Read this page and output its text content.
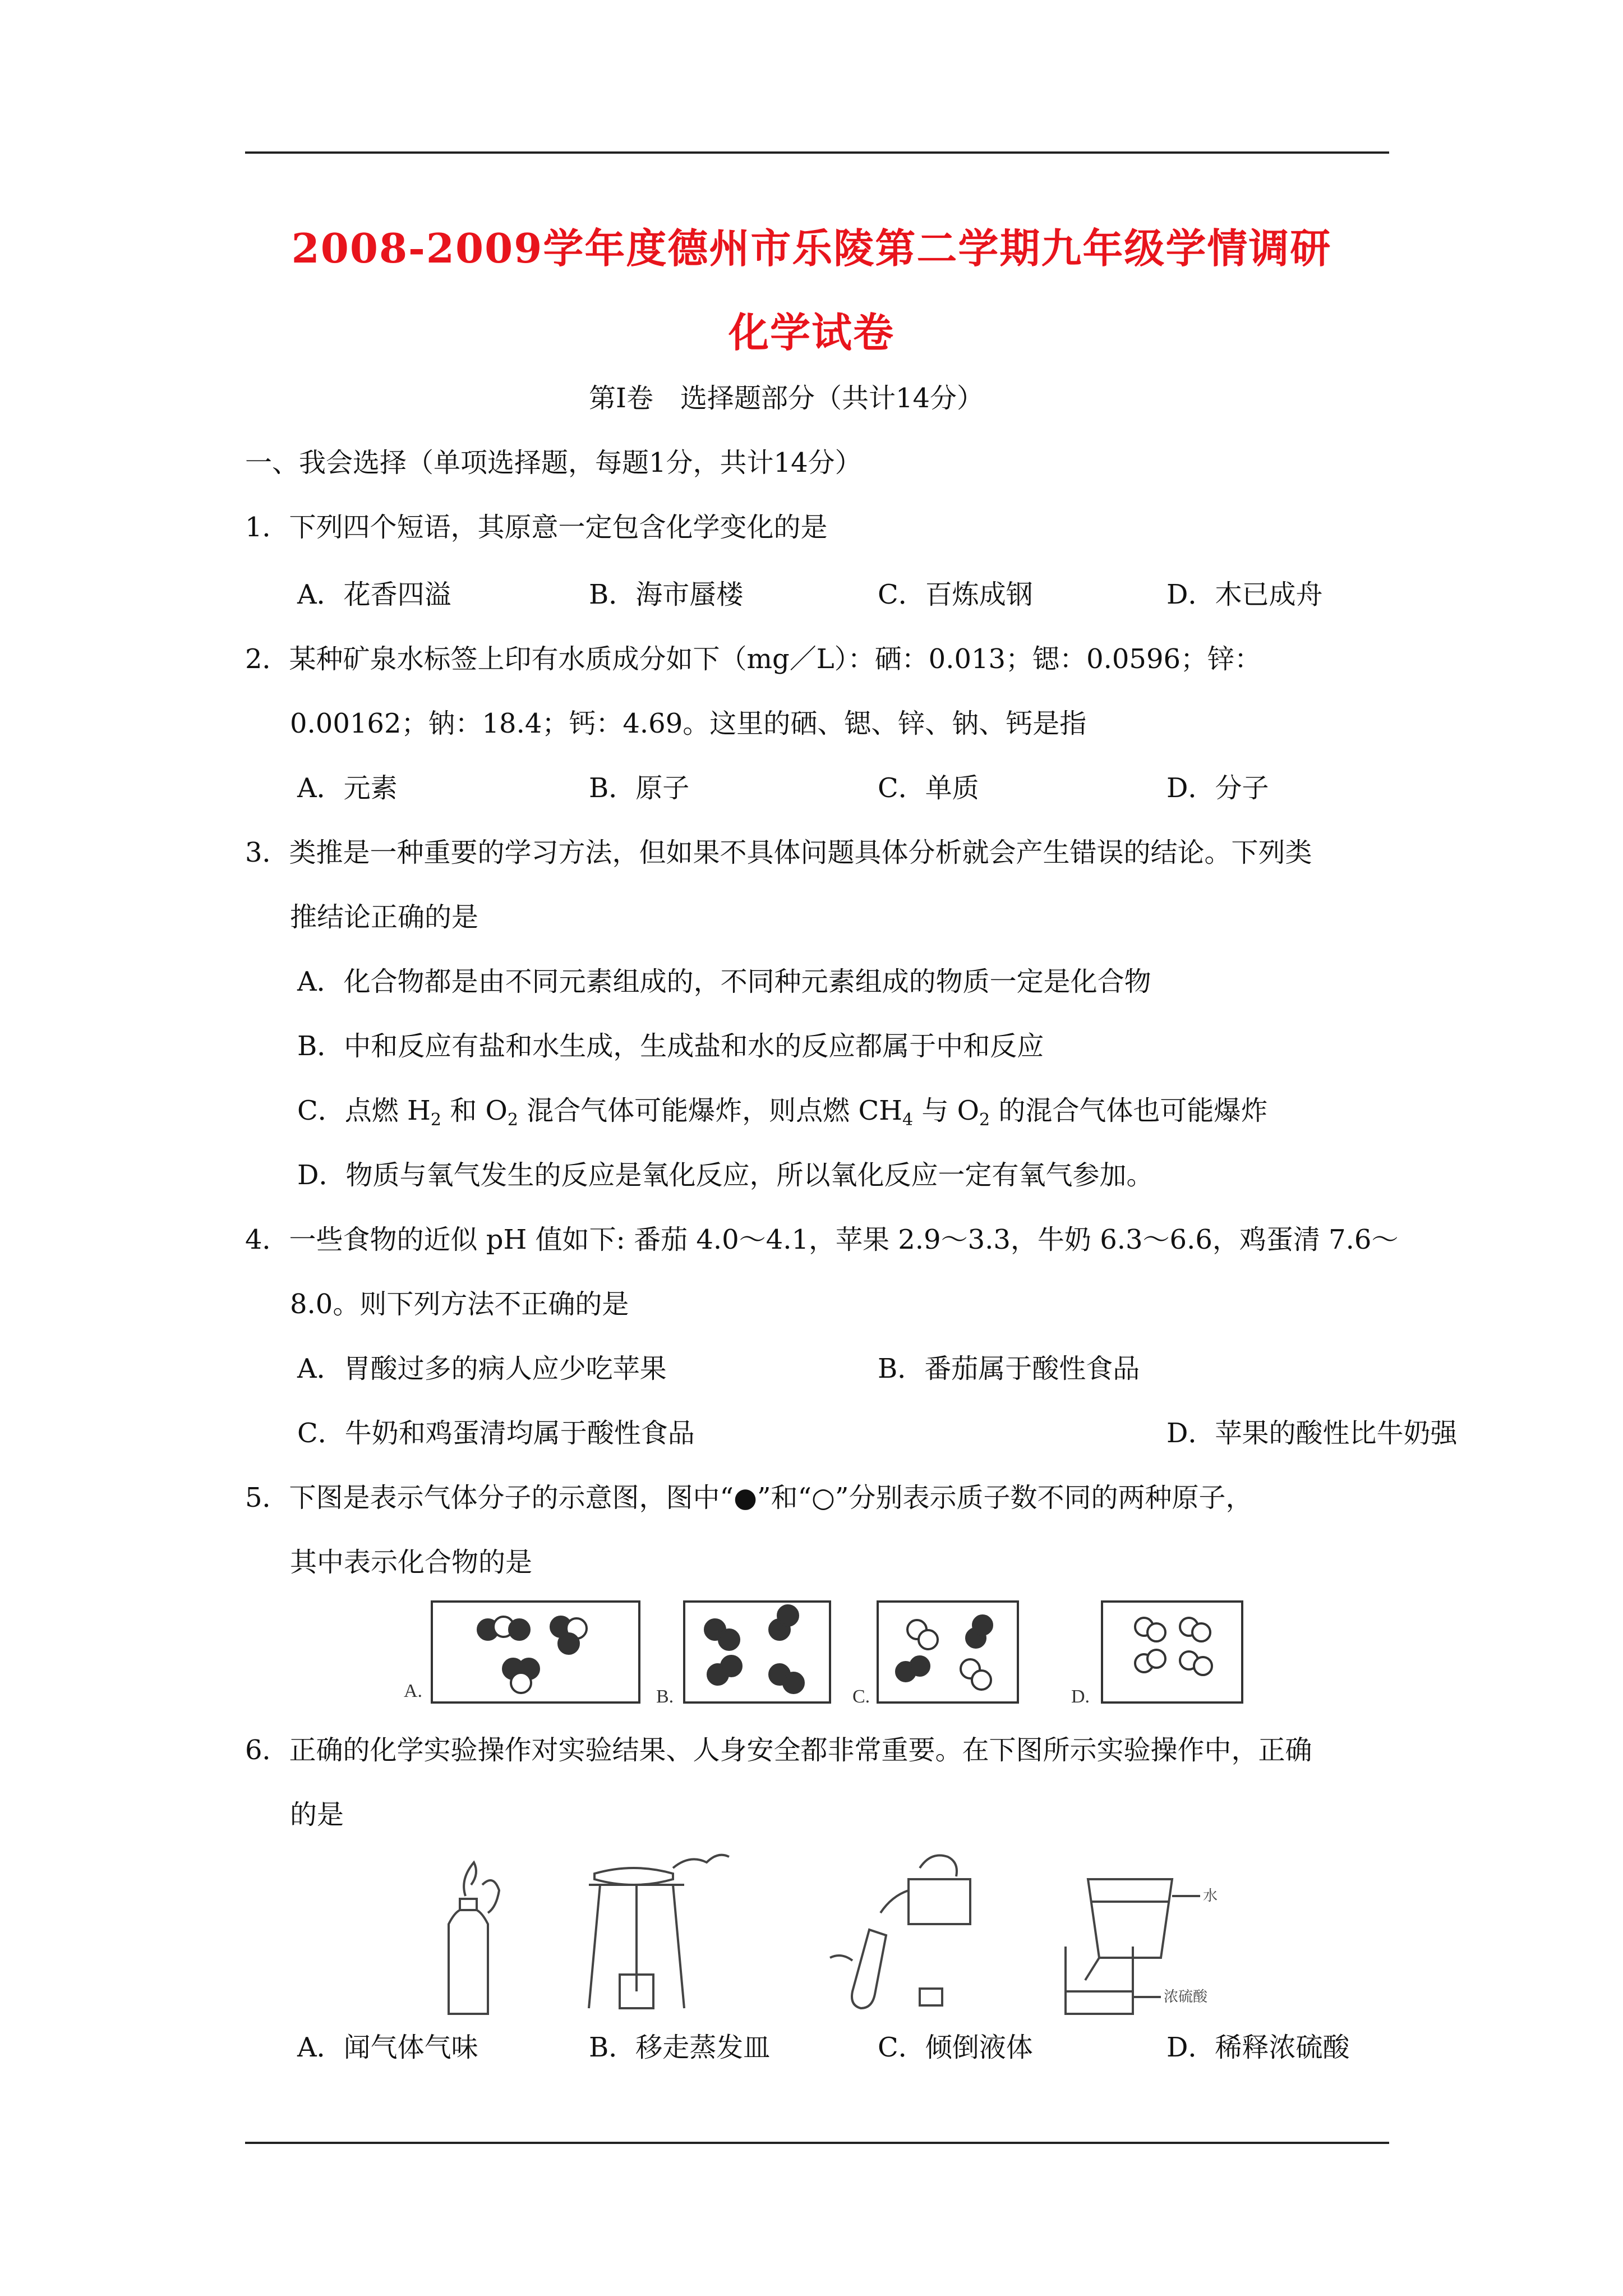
2008-2009学年度德州市乐陵第二学期九年级学情调研
化学试卷
第Ⅰ卷　选择题部分（共计14分）
一、我会选择（单项选择题，每题1分，共计14分）
1．下列四个短语，其原意一定包含化学变化的是
A．花香四溢	B．海市蜃楼	C．百炼成钢	D．木已成舟
2．某种矿泉水标签上印有水质成分如下（mg／L）：硒：0.013；锶：0.0596；锌：
0.00162；钠：18.4；钙：4.69。这里的硒、锶、锌、钠、钙是指
A．元素	B．原子	C．单质	D．分子
3．类推是一种重要的学习方法，但如果不具体问题具体分析就会产生错误的结论。下列类
推结论正确的是
A．化合物都是由不同元素组成的，不同种元素组成的物质一定是化合物
B．中和反应有盐和水生成，生成盐和水的反应都属于中和反应
C．点燃 $H_2$ 和 $O_2$ 混合气体可能爆炸，则点燃 $CH_4$ 与 $O_2$ 的混合气体也可能爆炸
D．物质与氧气发生的反应是氧化反应，所以氧化反应一定有氧气参加。
4．一些食物的近似 pH 值如下: 番茄 4.0～4.1，苹果 2.9～3.3，牛奶 6.3～6.6，鸡蛋清 7.6～
8.0。则下列方法不正确的是
A．胃酸过多的病人应少吃苹果	B．番茄属于酸性食品
C．牛奶和鸡蛋清均属于酸性食品	D．苹果的酸性比牛奶强
5．下图是表示气体分子的示意图，图中“●”和“○”分别表示质子数不同的两种原子，
其中表示化合物的是
A.	B.	C.	D.
6．正确的化学实验操作对实验结果、人身安全都非常重要。在下图所示实验操作中，正确
的是
水
浓硫酸
A．闻气体气味	B．移走蒸发皿	C．倾倒液体	D．稀释浓硫酸
